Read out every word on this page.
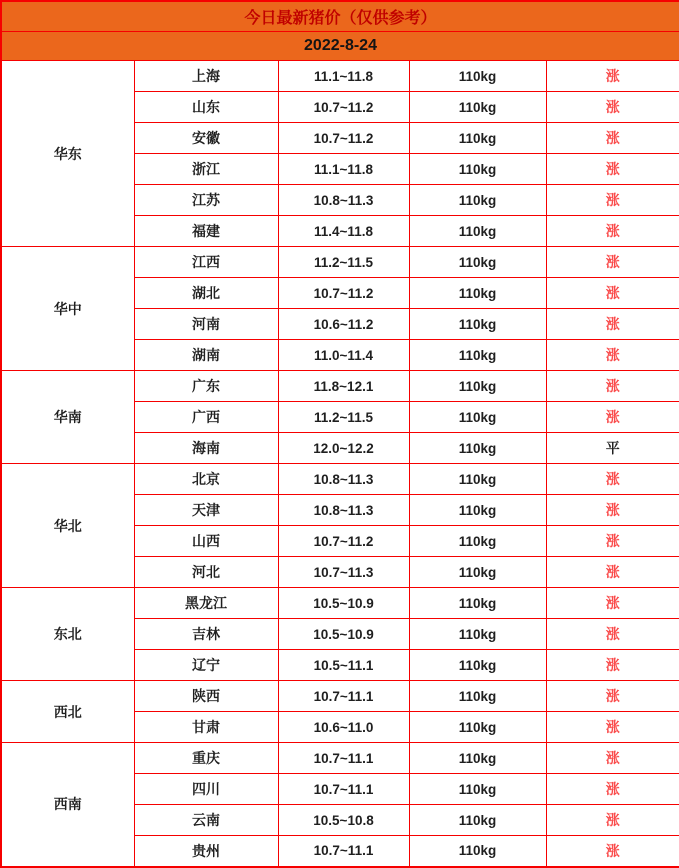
今日最新猪价（仅供参考）				
2022-8-24				
华东	上海	11.1~11.8	110kg	涨
	山东	10.7~11.2	110kg	涨
	安徽	10.7~11.2	110kg	涨
	浙江	11.1~11.8	110kg	涨
	江苏	10.8~11.3	110kg	涨
	福建	11.4~11.8	110kg	涨
华中	江西	11.2~11.5	110kg	涨
	湖北	10.7~11.2	110kg	涨
	河南	10.6~11.2	110kg	涨
	湖南	11.0~11.4	110kg	涨
华南	广东	11.8~12.1	110kg	涨
	广西	11.2~11.5	110kg	涨
	海南	12.0~12.2	110kg	平
华北	北京	10.8~11.3	110kg	涨
	天津	10.8~11.3	110kg	涨
	山西	10.7~11.2	110kg	涨
	河北	10.7~11.3	110kg	涨
东北	黑龙江	10.5~10.9	110kg	涨
	吉林	10.5~10.9	110kg	涨
	辽宁	10.5~11.1	110kg	涨
西北	陕西	10.7~11.1	110kg	涨
	甘肃	10.6~11.0	110kg	涨
西南	重庆	10.7~11.1	110kg	涨
	四川	10.7~11.1	110kg	涨
	云南	10.5~10.8	110kg	涨
	贵州	10.7~11.1	110kg	涨
